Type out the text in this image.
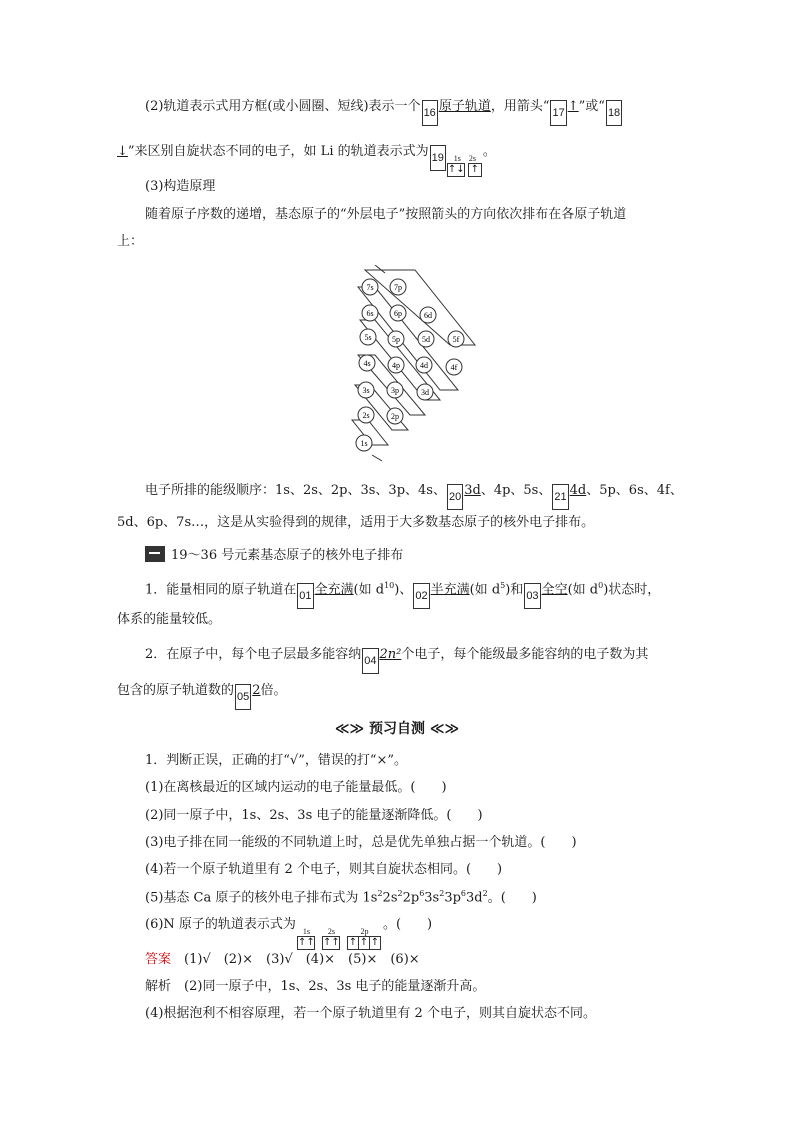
(2)轨道表示式用方框(或小圆圈、短线)表示一个 16 原子轨道，用箭头“ 17 ↑”或“ 18
↓”来区别自旋状态不同的电子，如 Li 的轨道表示式为 19 1s 2s
↑↓ ↑
。
(3)构造原理
随着原子序数的递增，基态原子的“外层电子”按照箭头的方向依次排布在各原子轨道
上：
7s	7p
6s	6p	6d
5s	5p	5d	5f
4s	4p	4d	4f
3s	3p	3d
2s	2p
1s
电子所排的能级顺序：1s、2s、2p、3s、3p、4s、 20 3d、4p、5s、 21 4d、5p、6s、4f、
5d、6p、7s…，这是从实验得到的规律，适用于大多数基态原子的核外电子排布。
19～36 号元素基态原子的核外电子排布
1．能量相同的原子轨道在 01 全充满(如 $d^{10}$)、 02 半充满(如 $d^5$)和 03 全空(如 $d^0$)状态时，
体系的能量较低。
2．在原子中，每个电子层最多能容纳 04 2n²个电子，每个能级最多能容纳的电子数为其
包含的原子轨道数的 05 2倍。
≪≫ 预习自测 ≪≫
1．判断正误，正确的打“√”，错误的打“×”。
(1)在离核最近的区域内运动的电子能量最低。(　　)
(2)同一原子中，1s、2s、3s 电子的能量逐渐降低。(　　)
(3)电子排在同一能级的不同轨道上时，总是优先单独占据一个轨道。(　　)
(4)若一个原子轨道里有 2 个电子，则其自旋状态相同。(　　)
(5)基态 Ca 原子的核外电子排布式为 $1s^22s^22p^63s^23p^63d^2$。(　　)
(6)N 原子的轨道表示式为 1s
↑↑
2s
↑↑
2p
↑ ↑ ↑
。(　　)
答案　 (1)√　(2)×　(3)√　(4)×　(5)×　(6)×
解析　 (2)同一原子中，1s、2s、3s 电子的能量逐渐升高。
(4)根据泡利不相容原理，若一个原子轨道里有 2 个电子，则其自旋状态不同。
